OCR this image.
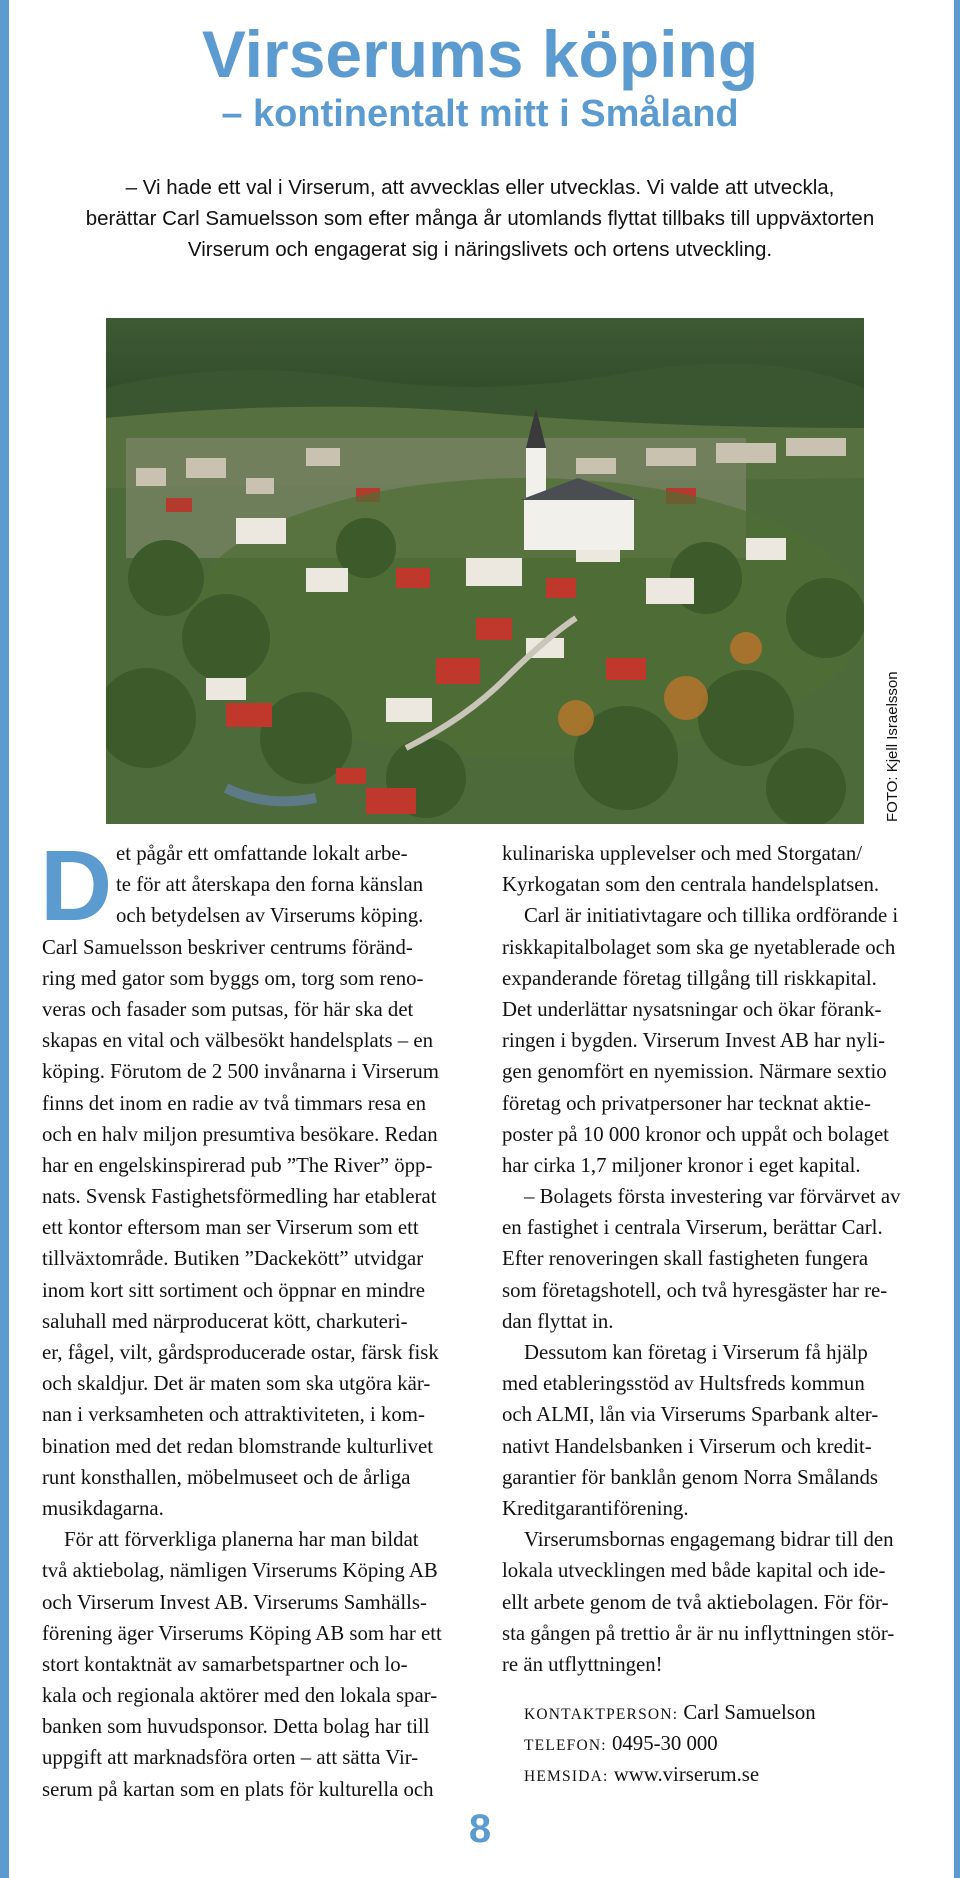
Virserums köping
– kontinentalt mitt i Småland
– Vi hade ett val i Virserum, att avvecklas eller utvecklas. Vi valde att utveckla,
berättar Carl Samuelsson som efter många år utomlands flyttat tillbaks till uppväxtorten
Virserum och engagerat sig i näringslivets och ortens utveckling.
FOTO: Kjell Israelsson
D et pågår ett omfattande lokalt arbe-
te för att återskapa den forna känslan
och betydelsen av Virserums köping.
Carl Samuelsson beskriver centrums föränd-
ring med gator som byggs om, torg som reno-
veras och fasader som putsas, för här ska det
skapas en vital och välbesökt handelsplats – en
köping. Förutom de 2 500 invånarna i Virserum
finns det inom en radie av två timmars resa en
och en halv miljon presumtiva besökare. Redan
har en engelskinspirerad pub ”The River” öpp-
nats. Svensk Fastighetsförmedling har etablerat
ett kontor eftersom man ser Virserum som ett
tillväxtområde. Butiken ”Dackekött” utvidgar
inom kort sitt sortiment och öppnar en mindre
saluhall med närproducerat kött, charkuteri-
er, fågel, vilt, gårdsproducerade ostar, färsk fisk
och skaldjur. Det är maten som ska utgöra kär-
nan i verksamheten och attraktiviteten, i kom-
bination med det redan blomstrande kulturlivet
runt konsthallen, möbelmuseet och de årliga
musikdagarna.
För att förverkliga planerna har man bildat
två aktiebolag, nämligen Virserums Köping AB
och Virserum Invest AB. Virserums Samhälls-
förening äger Virserums Köping AB som har ett
stort kontaktnät av samarbetspartner och lo-
kala och regionala aktörer med den lokala spar-
banken som huvudsponsor. Detta bolag har till
uppgift att marknadsföra orten – att sätta Vir-
serum på kartan som en plats för kulturella och
kulinariska upplevelser och med Storgatan/
Kyrkogatan som den centrala handelsplatsen.
Carl är initiativtagare och tillika ordförande i
riskkapitalbolaget som ska ge nyetablerade och
expanderande företag tillgång till riskkapital.
Det underlättar nysatsningar och ökar förank-
ringen i bygden. Virserum Invest AB har nyli-
gen genomfört en nyemission. Närmare sextio
företag och privatpersoner har tecknat aktie-
poster på 10 000 kronor och uppåt och bolaget
har cirka 1,7 miljoner kronor i eget kapital.
– Bolagets första investering var förvärvet av
en fastighet i centrala Virserum, berättar Carl.
Efter renoveringen skall fastigheten fungera
som företagshotell, och två hyresgäster har re-
dan flyttat in.
Dessutom kan företag i Virserum få hjälp
med etableringsstöd av Hultsfreds kommun
och ALMI, lån via Virserums Sparbank alter-
nativt Handelsbanken i Virserum och kredit-
garantier för banklån genom Norra Smålands
Kreditgarantiförening.
Virserumsbornas engagemang bidrar till den
lokala utvecklingen med både kapital och ide-
ellt arbete genom de två aktiebolagen. För för-
sta gången på trettio år är nu inflyttningen stör-
re än utflyttningen!
KONTAKTPERSON: Carl Samuelson
TELEFON: 0495-30 000
HEMSIDA: www.virserum.se
8
